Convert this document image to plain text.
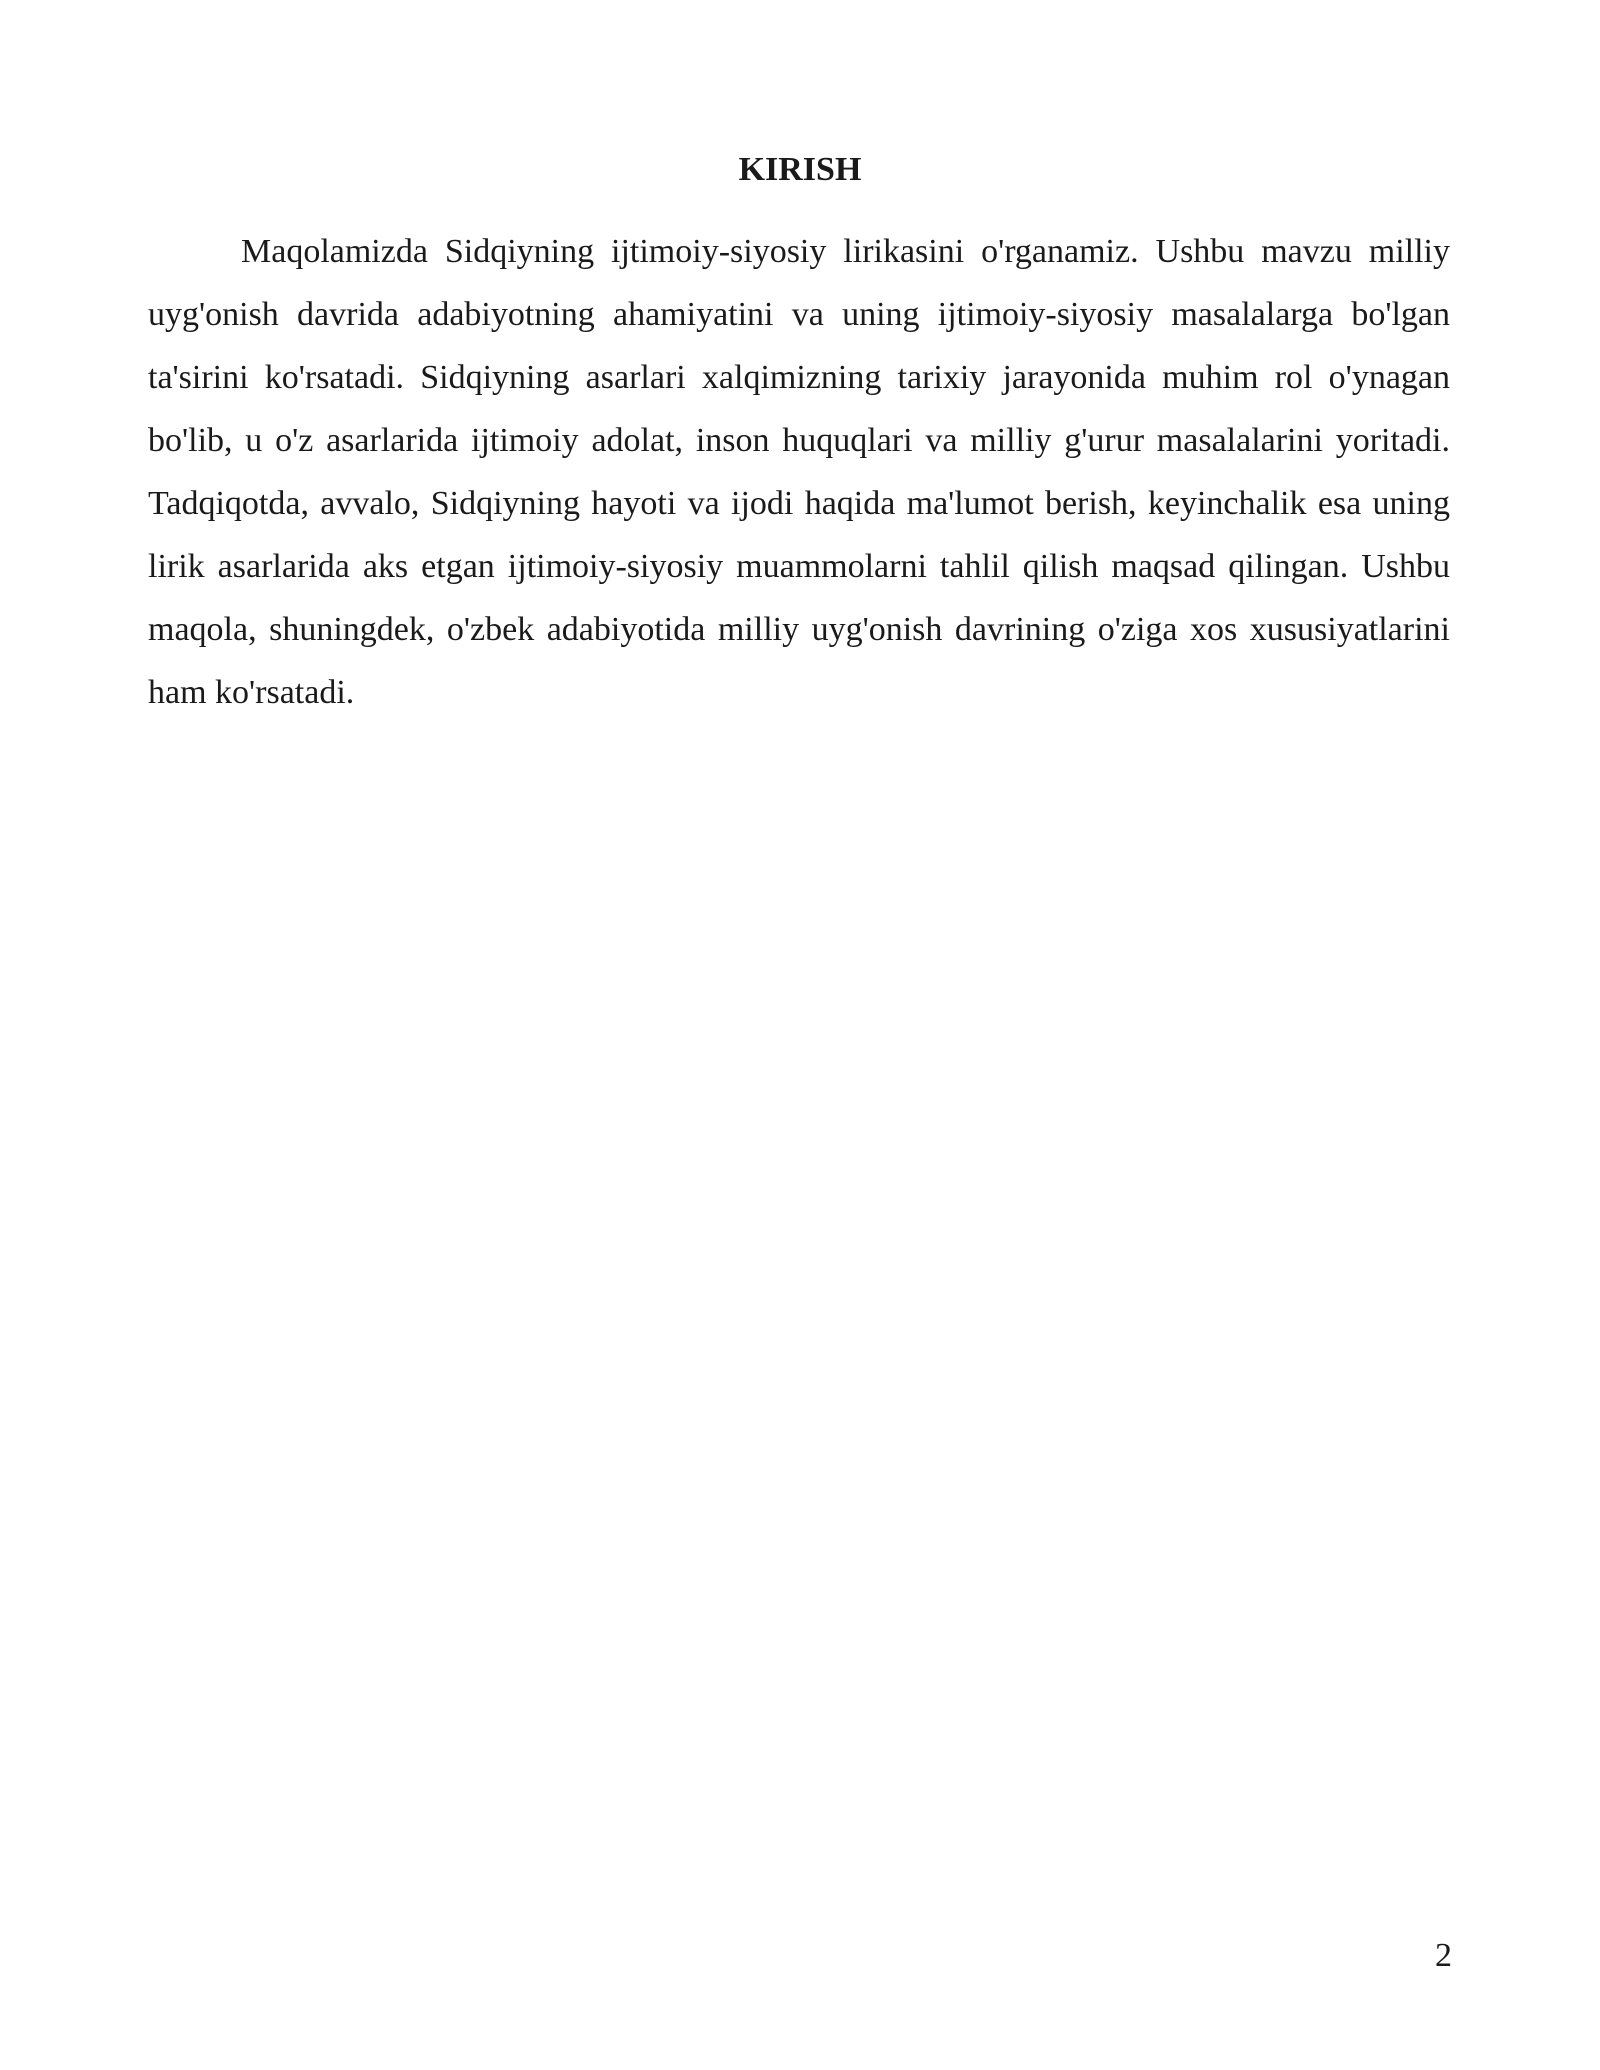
KIRISH

Maqolamizda Sidqiyning ijtimoiy-siyosiy lirikasini o'rganamiz. Ushbu mavzu milliy uyg'onish davrida adabiyotning ahamiyatini va uning ijtimoiy-siyosiy masalalarga bo'lgan ta'sirini ko'rsatadi. Sidqiyning asarlari xalqimizning tarixiy jarayonida muhim rol o'ynagan bo'lib, u o'z asarlarida ijtimoiy adolat, inson huquqlari va milliy g'urur masalalarini yoritadi. Tadqiqotda, avvalo, Sidqiyning hayoti va ijodi haqida ma'lumot berish, keyinchalik esa uning lirik asarlarida aks etgan ijtimoiy-siyosiy muammolarni tahlil qilish maqsad qilingan. Ushbu maqola, shuningdek, o'zbek adabiyotida milliy uyg'onish davrining o'ziga xos xususiyatlarini ham ko'rsatadi.

2
